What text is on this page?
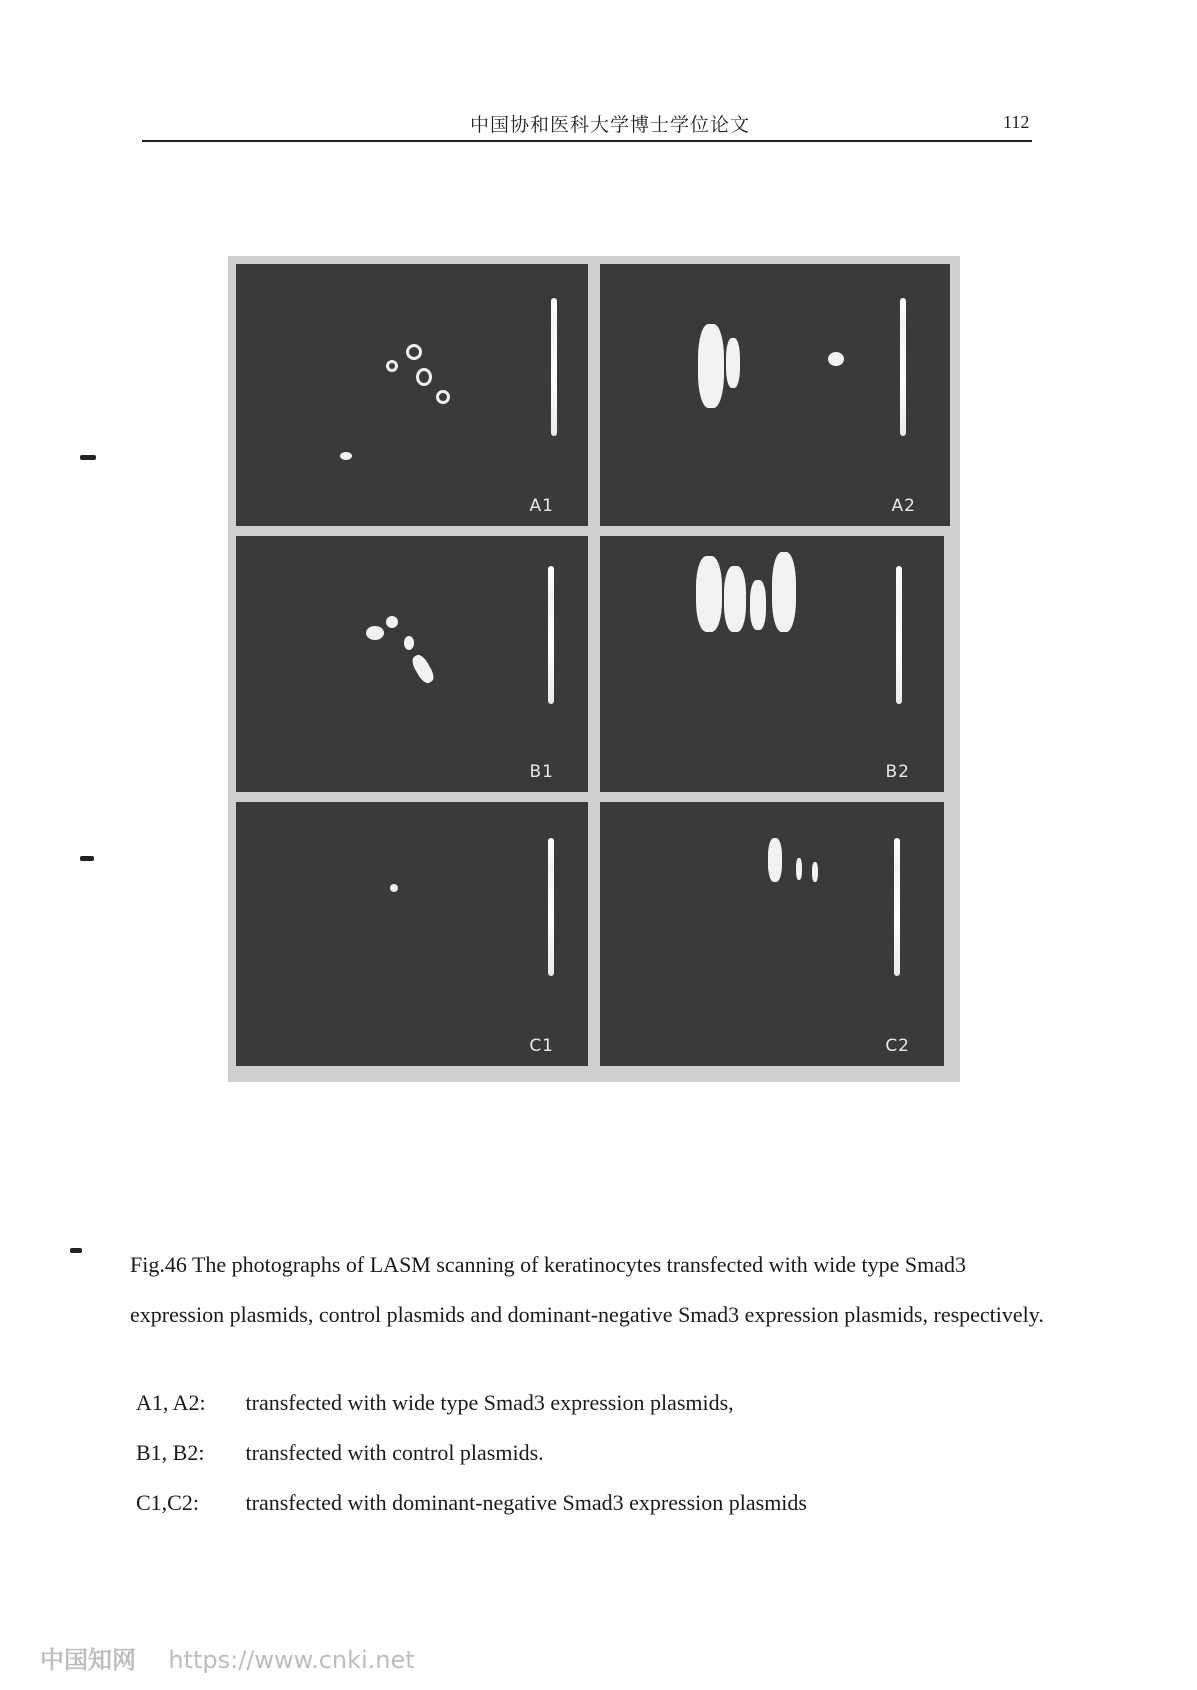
中国协和医科大学博士学位论文	112
A1	A2
B1	B2
C1	C2
Fig.46 The photographs of LASM scanning of keratinocytes transfected with wide type Smad3 expression plasmids, control plasmids and dominant-negative Smad3 expression plasmids, respectively.
A1, A2: transfected with wide type Smad3 expression plasmids,
B1, B2: transfected with control plasmids.
C1,C2: transfected with dominant-negative Smad3 expression plasmids
中国知网 https://www.cnki.net
